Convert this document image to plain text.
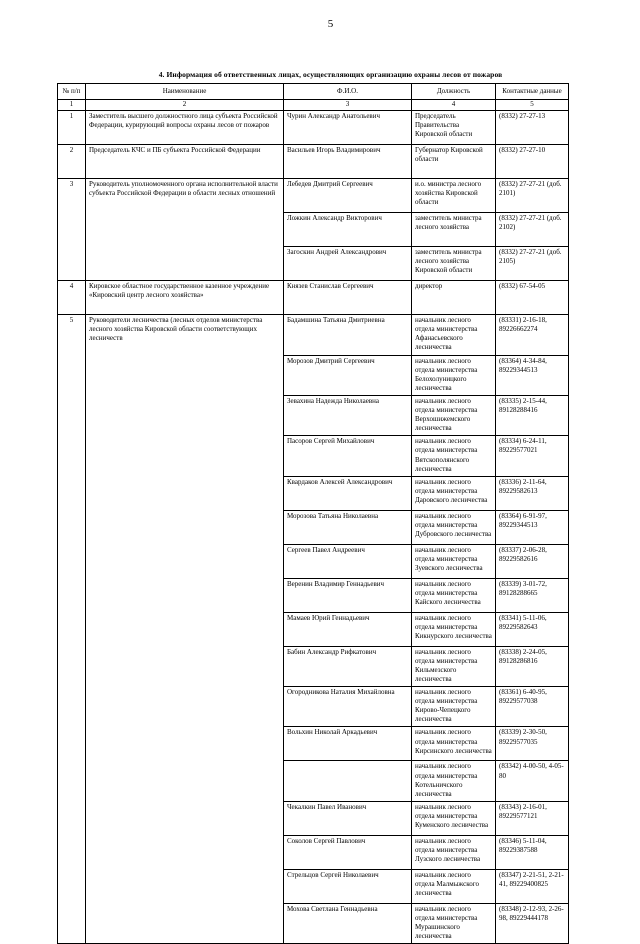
5
4. Информация об ответственных лицах, осуществляющих организацию охраны лесов от пожаров
№ п/п	Наименование	Ф.И.О.	Должность	Контактные данные
1	2	3	4	5
1	Заместитель высшего должностного лица субъекта Российской Федерации, курирующий вопросы охраны лесов от пожаров	Чурин Александр Анатольевич	Председатель Правительства Кировской области	(8332) 27-27-13
2	Председатель КЧС и ПБ субъекта Российской Федерации	Васильев Игорь Владимирович	Губернатор Кировской области	(8332) 27-27-10
3	Руководитель уполномоченного органа исполнительной власти субъекта Российской Федерации в области лесных отношений	Лебедев Дмитрий Сергеевич	и.о. министра лесного хозяйства Кировской области	(8332) 27-27-21 (доб. 2101)
		Ложкин Александр Викторович	заместитель министра лесного хозяйства	(8332) 27-27-21 (доб. 2102)
		Загоскин Андрей Александрович	заместитель министра лесного хозяйства Кировской области	(8332) 27-27-21 (доб. 2105)
4	Кировское областное государственное казенное учреждение «Кировский центр лесного хозяйства»	Князев Станислав Сергеевич	директор	(8332) 67-54-05
5	Руководители лесничества (лесных отделов министерства лесного хозяйства Кировской области соответствующих лесничеств	Бадамшина Татьяна Дмитриевна	начальник лесного отдела министерства Афанасьевского лесничества	(83331) 2-16-18, 89226662274
		Морозов Дмитрий Сергеевич	начальник лесного отдела министерства Белохолуницкого лесничества	(83364) 4-34-84, 89229344513
		Зевахина Надежда Николаевна	начальник лесного отдела министерства Верхошижемского лесничества	(83335) 2-15-44, 89128288416
		Пасоров Сергей Михайлович	начальник лесного отдела министерства Вятскополянского лесничества	(83334) 6-24-11, 89229577021
		Квардаков Алексей Александрович	начальник лесного отдела министерства Даровского лесничества	(83336) 2-11-64, 89229582613
		Морозова Татьяна Николаевна	начальник лесного отдела министерства Дубровского лесничества	(83364) 6-91-97, 89229344513
		Сергеев Павел Андреевич	начальник лесного отдела министерства Зуевского лесничества	(83337) 2-06-28, 89229582616
		Веренин Владимир Геннадьевич	начальник лесного отдела министерства Кайского лесничества	(83339) 3-01-72, 89128288665
		Мамаев Юрий Геннадьевич	начальник лесного отдела министерства Кикнурского лесничества	(83341) 5-11-06, 89229582643
		Бабин Александр Рифкатович	начальник лесного отдела министерства Кильмезского лесничества	(83338) 2-24-05, 89128286816
		Огородникова Наталия Михайловна	начальник лесного отдела министерства Кирово-Чепецкого лесничества	(83361) 6-40-95, 89229577038
		Вольхин Николай Аркадьевич	начальник лесного отдела министерства Кирсинского лесничества	(83339) 2-30-50, 89229577035
			начальник лесного отдела министерства Котельничского лесничества	(83342) 4-00-50, 4-05-80
		Чекалкин Павел Иванович	начальник лесного отдела министерства Куменского лесничества	(83343) 2-16-01, 89229577121
		Соколов Сергей Павлович	начальник лесного отдела министерства Лузского лесничества	(83346) 5-11-04, 89229387588
		Стрельцов Сергей Николаевич	начальник лесного отдела Малмыжского лесничества	(83347) 2-21-51, 2-21-41, 89229400825
		Мохова Светлана Геннадьевна	начальник лесного отдела министерства Мурашинского лесничества	(83348) 2-12-93, 2-26-98, 89229444178
